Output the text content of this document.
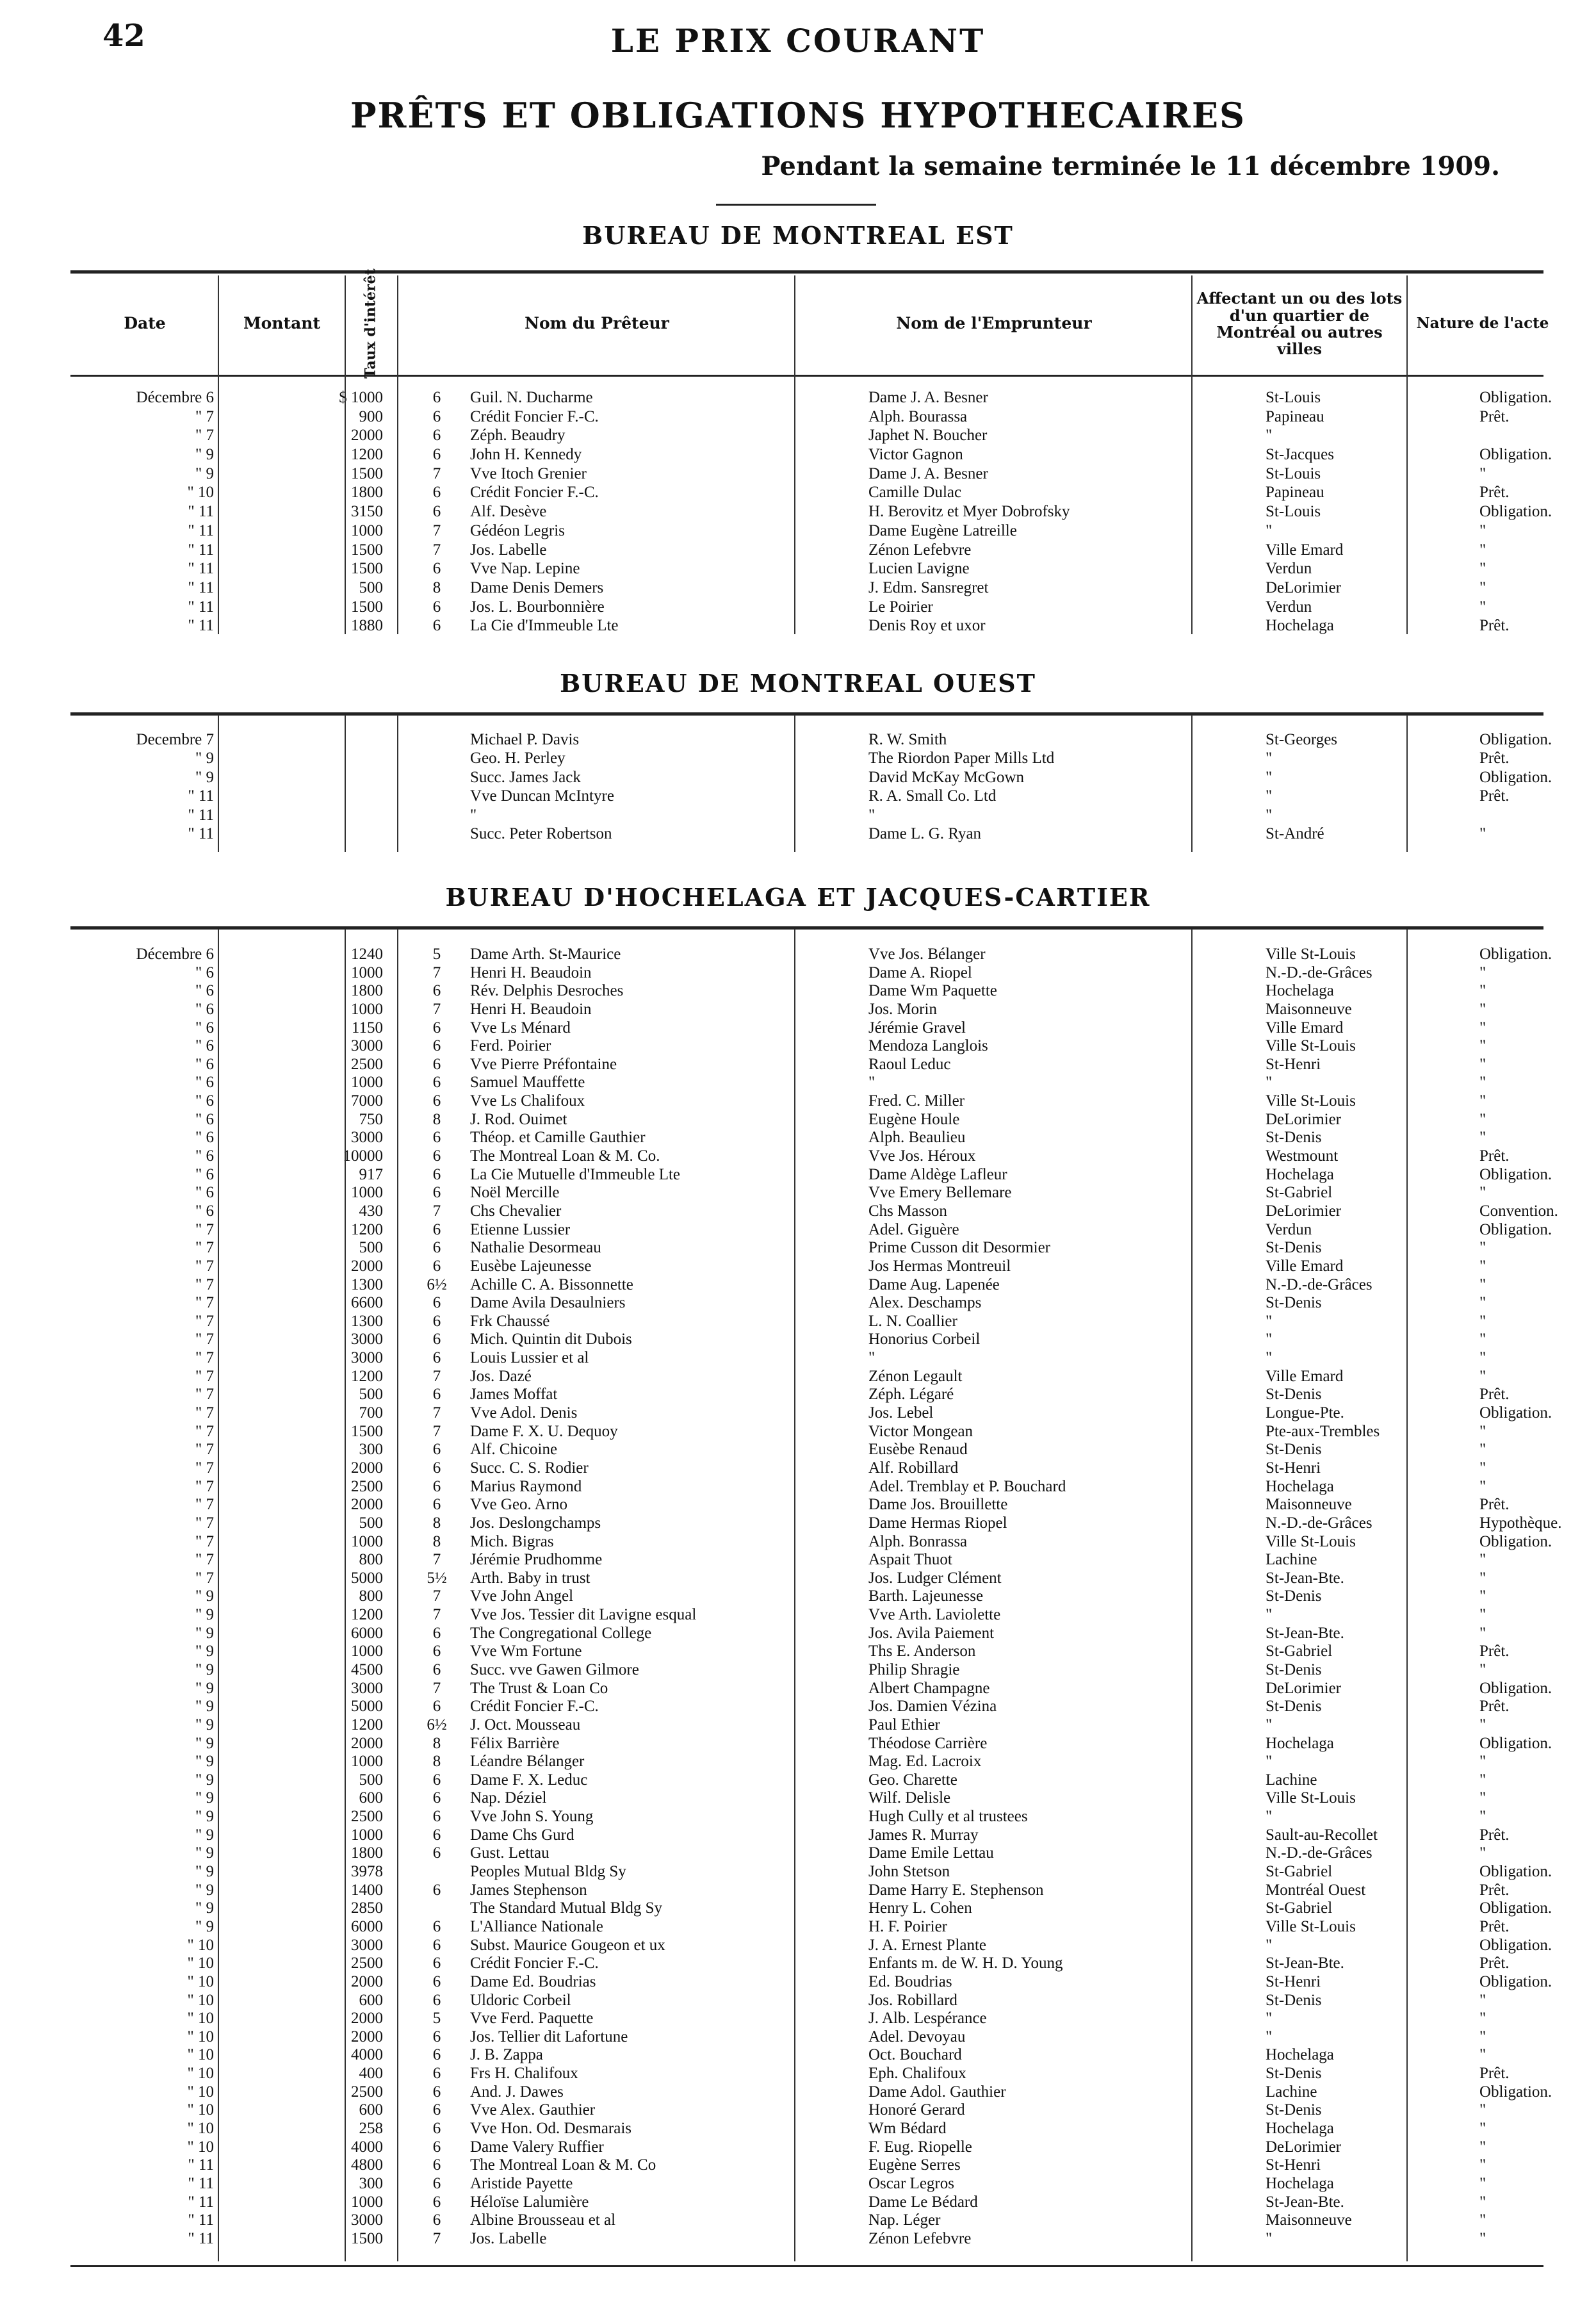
42	LE PRIX COURANT
PRÊTS ET OBLIGATIONS HYPOTHECAIRES
Pendant la semaine terminée le 11 décembre 1909.
BUREAU DE MONTREAL EST
Date	Montant	Taux d'intérêt	Nom du Prêteur	Nom de l'Emprunteur
Affectant un ou des lots d'un quartier de Montréal ou autres villes
Nature de l'acte
BUREAU DE MONTREAL OUEST
BUREAU D'HOCHELAGA ET JACQUES-CARTIER
Décembre 6	$ 1000	6	Guil. N. Ducharme	Dame J. A. Besner	St-Louis	Obligation.
" 7	900	6	Crédit Foncier F.-C.	Alph. Bourassa	Papineau	Prêt.
" 7	2000	6	Zéph. Beaudry	Japhet N. Boucher	"
" 9	1200	6	John H. Kennedy	Victor Gagnon	St-Jacques	Obligation.
" 9	1500	7	Vve Itoch Grenier	Dame J. A. Besner	St-Louis	"
" 10	1800	6	Crédit Foncier F.-C.	Camille Dulac	Papineau	Prêt.
" 11	3150	6	Alf. Desève	H. Berovitz et Myer Dobrofsky	St-Louis	Obligation.
" 11	1000	7	Gédéon Legris	Dame Eugène Latreille	"	"
" 11	1500	7	Jos. Labelle	Zénon Lefebvre	Ville Emard	"
" 11	1500	6	Vve Nap. Lepine	Lucien Lavigne	Verdun	"
" 11	500	8	Dame Denis Demers	J. Edm. Sansregret	DeLorimier	"
" 11	1500	6	Jos. L. Bourbonnière	Le Poirier	Verdun	"
" 11	1880	6	La Cie d'Immeuble Lte	Denis Roy et uxor	Hochelaga	Prêt.
Decembre 7	Michael P. Davis	R. W. Smith	St-Georges	Obligation.
" 9	Geo. H. Perley	The Riordon Paper Mills Ltd	"	Prêt.
" 9	Succ. James Jack	David McKay McGown	"	Obligation.
" 11	Vve Duncan McIntyre	R. A. Small Co. Ltd	"	Prêt.
" 11	"	"	"
" 11	Succ. Peter Robertson	Dame L. G. Ryan	St-André	"
Décembre 6	1240	5	Dame Arth. St-Maurice	Vve Jos. Bélanger	Ville St-Louis	Obligation.
" 6	1000	7	Henri H. Beaudoin	Dame A. Riopel	N.-D.-de-Grâces	"
" 6	1800	6	Rév. Delphis Desroches	Dame Wm Paquette	Hochelaga	"
" 6	1000	7	Henri H. Beaudoin	Jos. Morin	Maisonneuve	"
" 6	1150	6	Vve Ls Ménard	Jérémie Gravel	Ville Emard	"
" 6	3000	6	Ferd. Poirier	Mendoza Langlois	Ville St-Louis	"
" 6	2500	6	Vve Pierre Préfontaine	Raoul Leduc	St-Henri	"
" 6	1000	6	Samuel Mauffette	"	"	"
" 6	7000	6	Vve Ls Chalifoux	Fred. C. Miller	Ville St-Louis	"
" 6	750	8	J. Rod. Ouimet	Eugène Houle	DeLorimier	"
" 6	3000	6	Théop. et Camille Gauthier	Alph. Beaulieu	St-Denis	"
" 6	10000	6	The Montreal Loan & M. Co.	Vve Jos. Héroux	Westmount	Prêt.
" 6	917	6	La Cie Mutuelle d'Immeuble Lte	Dame Aldège Lafleur	Hochelaga	Obligation.
" 6	1000	6	Noël Mercille	Vve Emery Bellemare	St-Gabriel	"
" 6	430	7	Chs Chevalier	Chs Masson	DeLorimier	Convention.
" 7	1200	6	Etienne Lussier	Adel. Giguère	Verdun	Obligation.
" 7	500	6	Nathalie Desormeau	Prime Cusson dit Desormier	St-Denis	"
" 7	2000	6	Eusèbe Lajeunesse	Jos Hermas Montreuil	Ville Emard	"
" 7	1300	6½	Achille C. A. Bissonnette	Dame Aug. Lapenée	N.-D.-de-Grâces	"
" 7	6600	6	Dame Avila Desaulniers	Alex. Deschamps	St-Denis	"
" 7	1300	6	Frk Chaussé	L. N. Coallier	"	"
" 7	3000	6	Mich. Quintin dit Dubois	Honorius Corbeil	"	"
" 7	3000	6	Louis Lussier et al	"	"	"
" 7	1200	7	Jos. Dazé	Zénon Legault	Ville Emard	"
" 7	500	6	James Moffat	Zéph. Légaré	St-Denis	Prêt.
" 7	700	7	Vve Adol. Denis	Jos. Lebel	Longue-Pte.	Obligation.
" 7	1500	7	Dame F. X. U. Dequoy	Victor Mongean	Pte-aux-Trembles	"
" 7	300	6	Alf. Chicoine	Eusèbe Renaud	St-Denis	"
" 7	2000	6	Succ. C. S. Rodier	Alf. Robillard	St-Henri	"
" 7	2500	6	Marius Raymond	Adel. Tremblay et P. Bouchard	Hochelaga	"
" 7	2000	6	Vve Geo. Arno	Dame Jos. Brouillette	Maisonneuve	Prêt.
" 7	500	8	Jos. Deslongchamps	Dame Hermas Riopel	N.-D.-de-Grâces	Hypothèque.
" 7	1000	8	Mich. Bigras	Alph. Bonrassa	Ville St-Louis	Obligation.
" 7	800	7	Jérémie Prudhomme	Aspait Thuot	Lachine	"
" 7	5000	5½	Arth. Baby in trust	Jos. Ludger Clément	St-Jean-Bte.	"
" 9	800	7	Vve John Angel	Barth. Lajeunesse	St-Denis	"
" 9	1200	7	Vve Jos. Tessier dit Lavigne esqual	Vve Arth. Laviolette	"	"
" 9	6000	6	The Congregational College	Jos. Avila Paiement	St-Jean-Bte.	"
" 9	1000	6	Vve Wm Fortune	Ths E. Anderson	St-Gabriel	Prêt.
" 9	4500	6	Succ. vve Gawen Gilmore	Philip Shragie	St-Denis	"
" 9	3000	7	The Trust & Loan Co	Albert Champagne	DeLorimier	Obligation.
" 9	5000	6	Crédit Foncier F.-C.	Jos. Damien Vézina	St-Denis	Prêt.
" 9	1200	6½	J. Oct. Mousseau	Paul Ethier	"	"
" 9	2000	8	Félix Barrière	Théodose Carrière	Hochelaga	Obligation.
" 9	1000	8	Léandre Bélanger	Mag. Ed. Lacroix	"	"
" 9	500	6	Dame F. X. Leduc	Geo. Charette	Lachine	"
" 9	600	6	Nap. Déziel	Wilf. Delisle	Ville St-Louis	"
" 9	2500	6	Vve John S. Young	Hugh Cully et al trustees	"	"
" 9	1000	6	Dame Chs Gurd	James R. Murray	Sault-au-Recollet	Prêt.
" 9	1800	6	Gust. Lettau	Dame Emile Lettau	N.-D.-de-Grâces	"
" 9	3978	Peoples Mutual Bldg Sy	John Stetson	St-Gabriel	Obligation.
" 9	1400	6	James Stephenson	Dame Harry E. Stephenson	Montréal Ouest	Prêt.
" 9	2850	The Standard Mutual Bldg Sy	Henry L. Cohen	St-Gabriel	Obligation.
" 9	6000	6	L'Alliance Nationale	H. F. Poirier	Ville St-Louis	Prêt.
" 10	3000	6	Subst. Maurice Gougeon et ux	J. A. Ernest Plante	"	Obligation.
" 10	2500	6	Crédit Foncier F.-C.	Enfants m. de W. H. D. Young	St-Jean-Bte.	Prêt.
" 10	2000	6	Dame Ed. Boudrias	Ed. Boudrias	St-Henri	Obligation.
" 10	600	6	Uldoric Corbeil	Jos. Robillard	St-Denis	"
" 10	2000	5	Vve Ferd. Paquette	J. Alb. Lespérance	"	"
" 10	2000	6	Jos. Tellier dit Lafortune	Adel. Devoyau	"	"
" 10	4000	6	J. B. Zappa	Oct. Bouchard	Hochelaga	"
" 10	400	6	Frs H. Chalifoux	Eph. Chalifoux	St-Denis	Prêt.
" 10	2500	6	And. J. Dawes	Dame Adol. Gauthier	Lachine	Obligation.
" 10	600	6	Vve Alex. Gauthier	Honoré Gerard	St-Denis	"
" 10	258	6	Vve Hon. Od. Desmarais	Wm Bédard	Hochelaga	"
" 10	4000	6	Dame Valery Ruffier	F. Eug. Riopelle	DeLorimier	"
" 11	4800	6	The Montreal Loan & M. Co	Eugène Serres	St-Henri	"
" 11	300	6	Aristide Payette	Oscar Legros	Hochelaga	"
" 11	1000	6	Héloïse Lalumière	Dame Le Bédard	St-Jean-Bte.	"
" 11	3000	6	Albine Brousseau et al	Nap. Léger	Maisonneuve	"
" 11	1500	7	Jos. Labelle	Zénon Lefebvre	"	"
